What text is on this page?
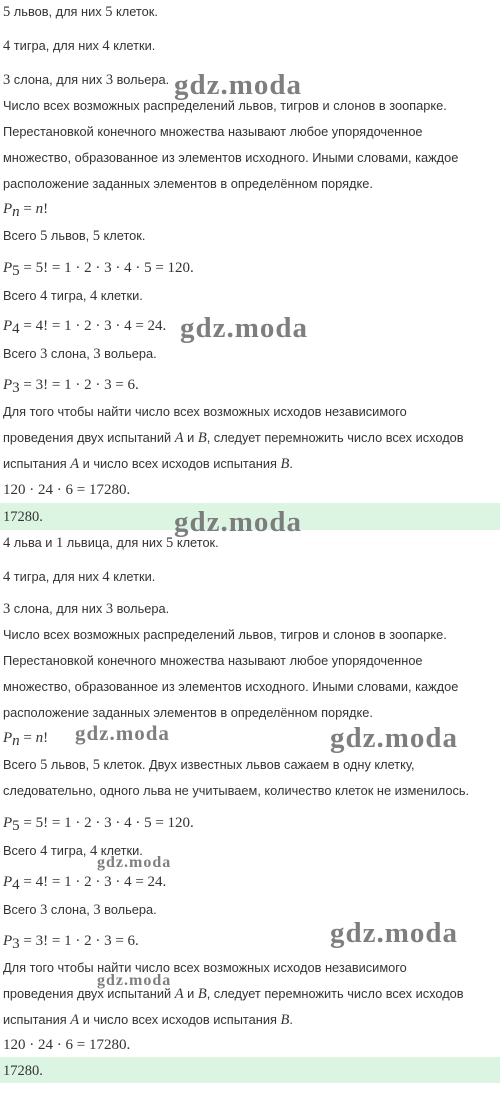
5 львов, для них 5 клеток.
4 тигра, для них 4 клетки.
3 слона, для них 3 вольера.
Число всех возможных распределений львов, тигров и слонов в зоопарке.
Перестановкой конечного множества называют любое упорядоченное
множество, образованное из элементов исходного. Иными словами, каждое
расположение заданных элементов в определённом порядке.
Pn = n!
Всего 5 львов, 5 клеток.
P5 = 5! = 1 · 2 · 3 · 4 · 5 = 120.
Всего 4 тигра, 4 клетки.
P4 = 4! = 1 · 2 · 3 · 4 = 24.
Всего 3 слона, 3 вольера.
P3 = 3! = 1 · 2 · 3 = 6.
Для того чтобы найти число всех возможных исходов независимого
проведения двух испытаний A и B, следует перемножить число всех исходов
испытания A и число всех исходов испытания B.
120 · 24 · 6 = 17280.
17280.
4 льва и 1 львица, для них 5 клеток.
4 тигра, для них 4 клетки.
3 слона, для них 3 вольера.
Число всех возможных распределений львов, тигров и слонов в зоопарке.
Перестановкой конечного множества называют любое упорядоченное
множество, образованное из элементов исходного. Иными словами, каждое
расположение заданных элементов в определённом порядке.
Pn = n!
Всего 5 львов, 5 клеток. Двух известных львов сажаем в одну клетку,
следовательно, одного льва не учитываем, количество клеток не изменилось.
P5 = 5! = 1 · 2 · 3 · 4 · 5 = 120.
Всего 4 тигра, 4 клетки.
P4 = 4! = 1 · 2 · 3 · 4 = 24.
Всего 3 слона, 3 вольера.
P3 = 3! = 1 · 2 · 3 = 6.
Для того чтобы найти число всех возможных исходов независимого
проведения двух испытаний A и B, следует перемножить число всех исходов
испытания A и число всех исходов испытания B.
120 · 24 · 6 = 17280.
17280.
gdz.moda
gdz.moda
gdz.moda
gdz.moda	gdz.moda
gdz.moda
gdz.moda
gdz.moda
